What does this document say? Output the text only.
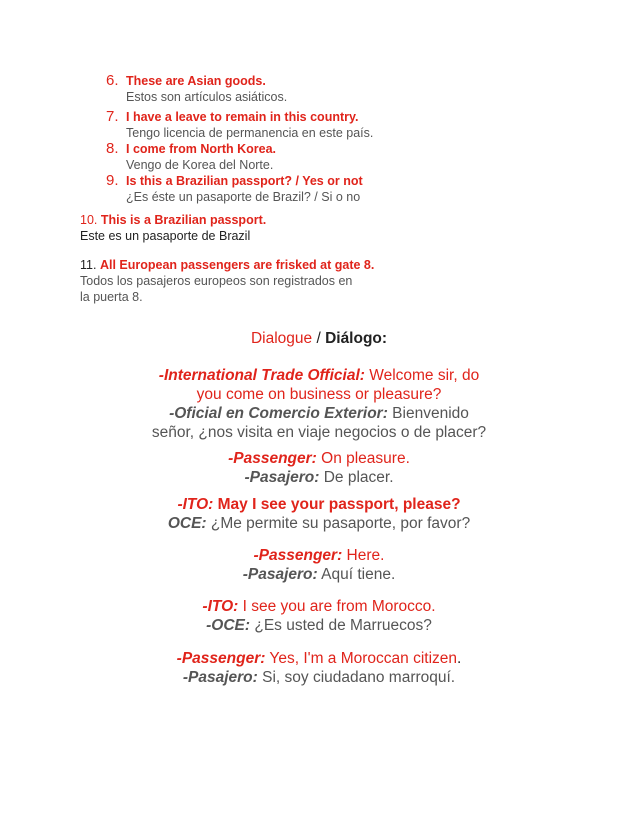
6. These are Asian goods.
Estos son artículos asiáticos.
7. I have a leave to remain in this country.
Tengo licencia de permanencia en este país.
8. I come from North Korea.
Vengo de Korea del Norte.
9. Is this a Brazilian passport? / Yes or not
¿Es éste un pasaporte de Brazil? / Si o no
10. This is a Brazilian passport.
Este es un pasaporte de Brazil
11. All European passengers are frisked at gate 8.
Todos los pasajeros europeos son registrados en
la puerta 8.
Dialogue / Diálogo:
-International Trade Official: Welcome sir, do
you come on business or pleasure?
-Oficial en Comercio Exterior: Bienvenido
señor, ¿nos visita en viaje negocios o de placer?
-Passenger: On pleasure.
-Pasajero: De placer.
-ITO: May I see your passport, please?
OCE: ¿Me permite su pasaporte, por favor?
-Passenger: Here.
-Pasajero: Aquí tiene.
-ITO: I see you are from Morocco.
-OCE: ¿Es usted de Marruecos?
-Passenger: Yes, I'm a Moroccan citizen.
-Pasajero: Si, soy ciudadano marroquí.
